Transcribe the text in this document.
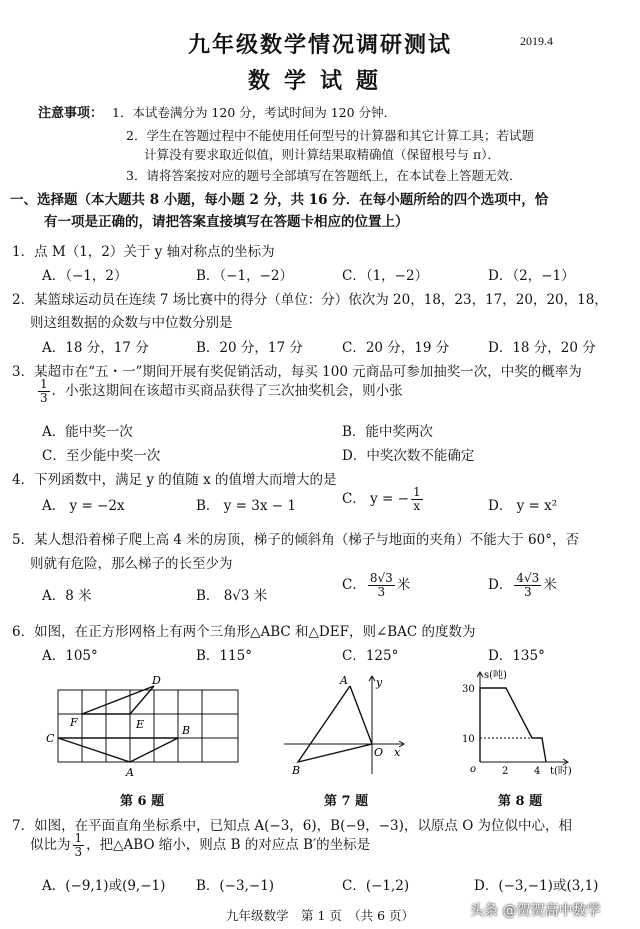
九年级数学情况调研测试	2019.4
数学试题
注意事项： 1．本试卷满分为 120 分，考试时间为 120 分钟．
2．学生在答题过程中不能使用任何型号的计算器和其它计算工具；若试题
计算没有要求取近似值，则计算结果取精确值（保留根号与 π）．
3．请将答案按对应的题号全部填写在答题纸上，在本试卷上答题无效．
一、选择题（本大题共 8 小题，每小题 2 分，共 16 分．在每小题所给的四个选项中，恰
有一项是正确的，请把答案直接填写在答题卡相应的位置上）
1．点 M（1，2）关于 y 轴对称点的坐标为
A．（−1，2）	B．（−1，−2）	C．（1，−2）	D．（2，−1）
2．某篮球运动员在连续 7 场比赛中的得分（单位：分）依次为 20，18，23，17，20，20，18，
则这组数据的众数与中位数分别是
A．18 分，17 分	B．20 分，17 分	C．20 分，19 分	D．18 分，20 分
3．某超市在“五・一”期间开展有奖促销活动，每买 100 元商品可参加抽奖一次，中奖的概率为
$\frac{1}{3}$ ．小张这期间在该超市买商品获得了三次抽奖机会，则小张
A．能中奖一次	B．能中奖两次
C．至少能中奖一次	D．中奖次数不能确定
4．下列函数中，满足 y 的值随 x 的值增大而增大的是
A． y = −2x	B． y = 3x − 1	C． y = − $\frac{1}{x}$	D． y = x²
5．某人想沿着梯子爬上高 4 米的房顶，梯子的倾斜角（梯子与地面的夹角）不能大于 60°，否
则就有危险，那么梯子的长至少为
A．8 米	B． 8√3 米
C． $\frac{8√3}{3}$ 米	D． $\frac{4√3}{3}$ 米
6．如图，在正方形网格上有两个三角形△ABC 和△DEF，则∠BAC 的度数为
A．105°	B．115°	C．125°	D．135°
D
F	E	B
C
A
第 6 题
A	y
O x
B
第 7 题
s(吨)
30
10
o	2	4 t(时)
第 8 题
7．如图，在平面直角坐标系中，已知点 A(−3，6)，B(−9，−3)，以原点 O 为位似中心，相
似比为 $\frac{1}{3}$ ，把△ABO 缩小，则点 B 的对应点 B′的坐标是
A．(−9,1)或(9,−1) B．(−3,−1)	C．(−1,2)	D．(−3,−1)或(3,1)
九年级数学　第 1 页　（共 6 页）	头条 @贺贺高中数学
